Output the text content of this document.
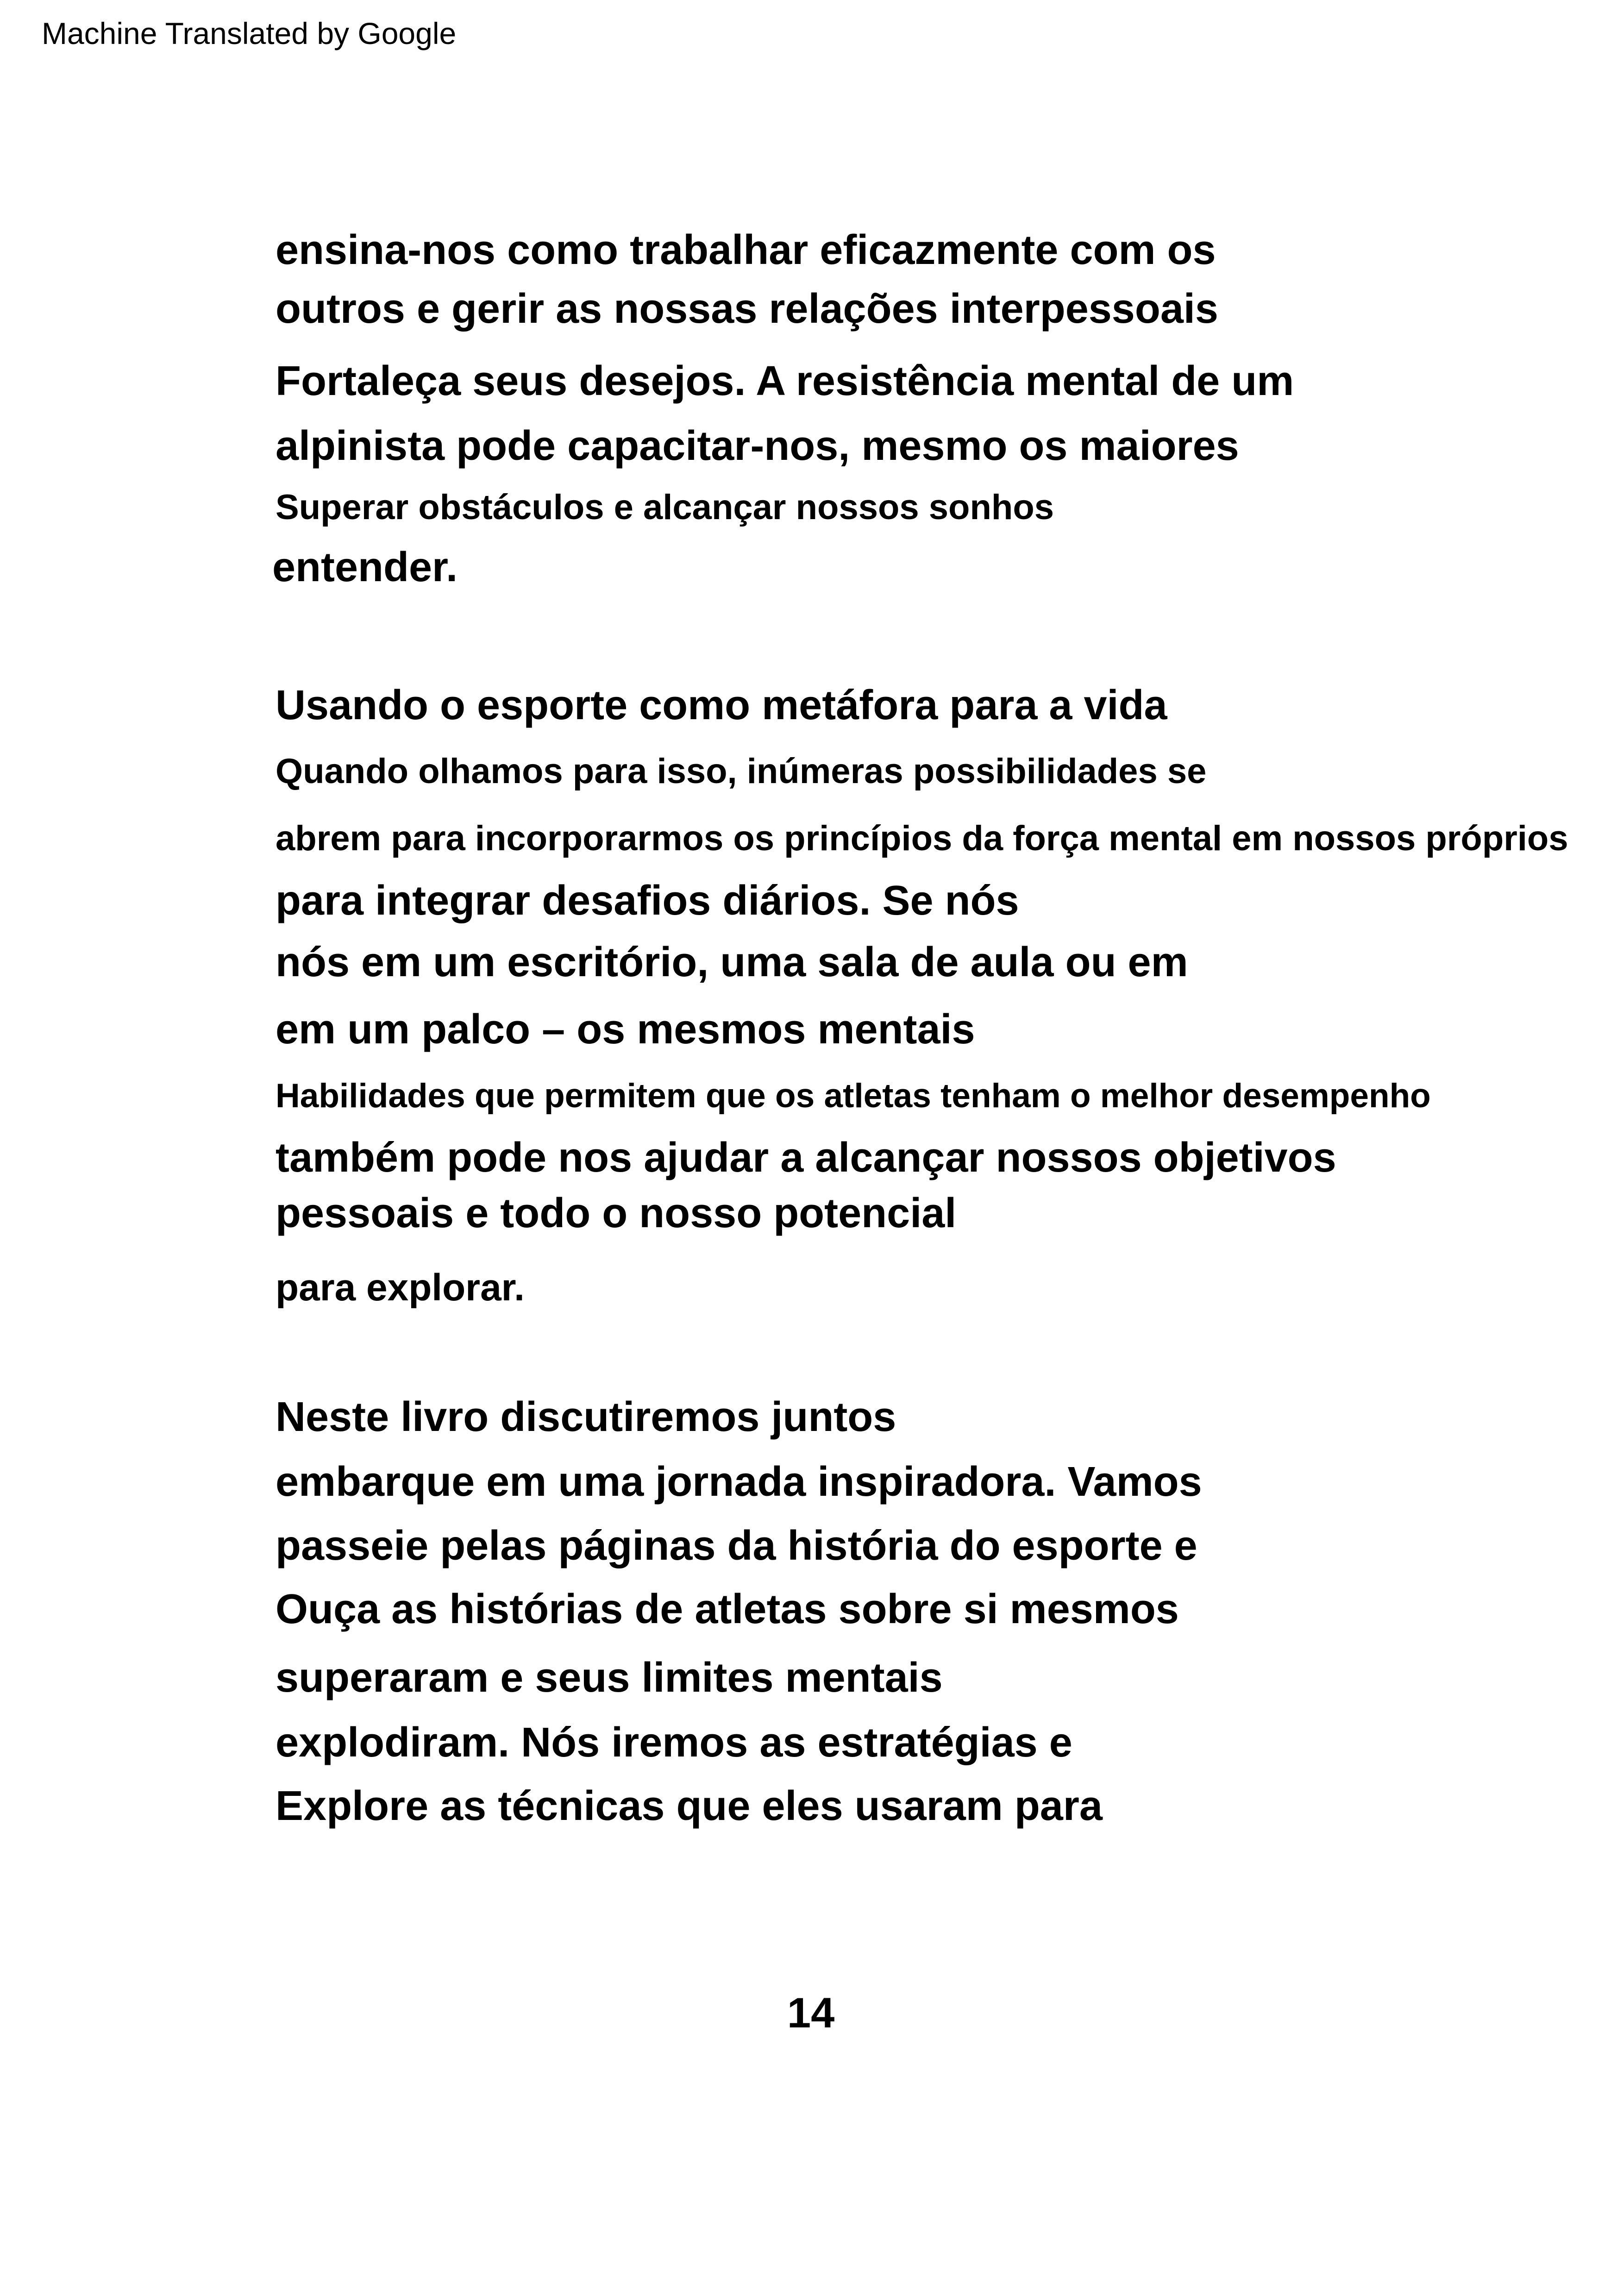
Machine Translated by Google
ensina-nos como trabalhar eficazmente com os
outros e gerir as nossas relações interpessoais
Fortaleça seus desejos. A resistência mental de um
alpinista pode capacitar-nos, mesmo os maiores
Superar obstáculos e alcançar nossos sonhos
entender.
Usando o esporte como metáfora para a vida
Quando olhamos para isso, inúmeras possibilidades se
abrem para incorporarmos os princípios da força mental em nossos próprios
para integrar desafios diários. Se nós
nós em um escritório, uma sala de aula ou em
em um palco – os mesmos mentais
Habilidades que permitem que os atletas tenham o melhor desempenho
também pode nos ajudar a alcançar nossos objetivos
pessoais e todo o nosso potencial
para explorar.
Neste livro discutiremos juntos
embarque em uma jornada inspiradora. Vamos
passeie pelas páginas da história do esporte e
Ouça as histórias de atletas sobre si mesmos
superaram e seus limites mentais
explodiram. Nós iremos as estratégias e
Explore as técnicas que eles usaram para
14
